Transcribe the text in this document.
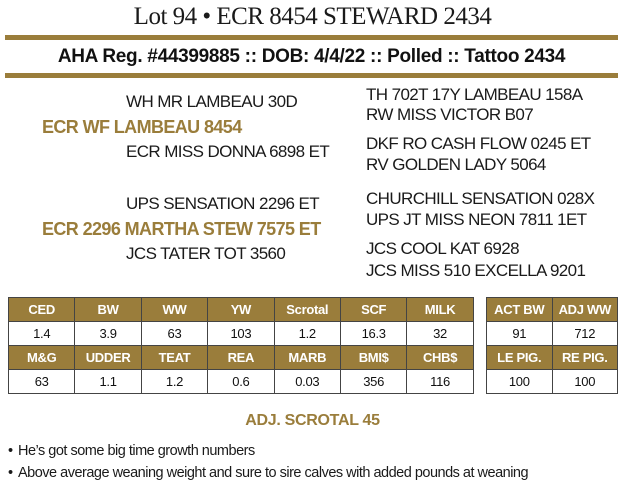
Lot 94 • ECR 8454 STEWARD 2434
AHA Reg. #44399885 :: DOB: 4/4/22 :: Polled :: Tattoo 2434
WH MR LAMBEAU 30D
ECR WF LAMBEAU 8454
ECR MISS DONNA 6898 ET
TH 702T 17Y LAMBEAU 158A
RW MISS VICTOR B07
DKF RO CASH FLOW 0245 ET
RV GOLDEN LADY 5064
UPS SENSATION 2296 ET
ECR 2296 MARTHA STEW 7575 ET
JCS TATER TOT 3560
CHURCHILL SENSATION 028X
UPS JT MISS NEON 7811 1ET
JCS COOL KAT 6928
JCS MISS 510 EXCELLA 9201
CED	BW	WW	YW	Scrotal	SCF	MILK
1.4	3.9	63	103	1.2	16.3	32
M&G	UDDER	TEAT	REA	MARB	BMI$	CHB$
63	1.1	1.2	0.6	0.03	356	116
ACT BW	ADJ WW
91	712
LE PIG.	RE PIG.
100	100
ADJ. SCROTAL 45
• He’s got some big time growth numbers
• Above average weaning weight and sure to sire calves with added pounds at weaning
